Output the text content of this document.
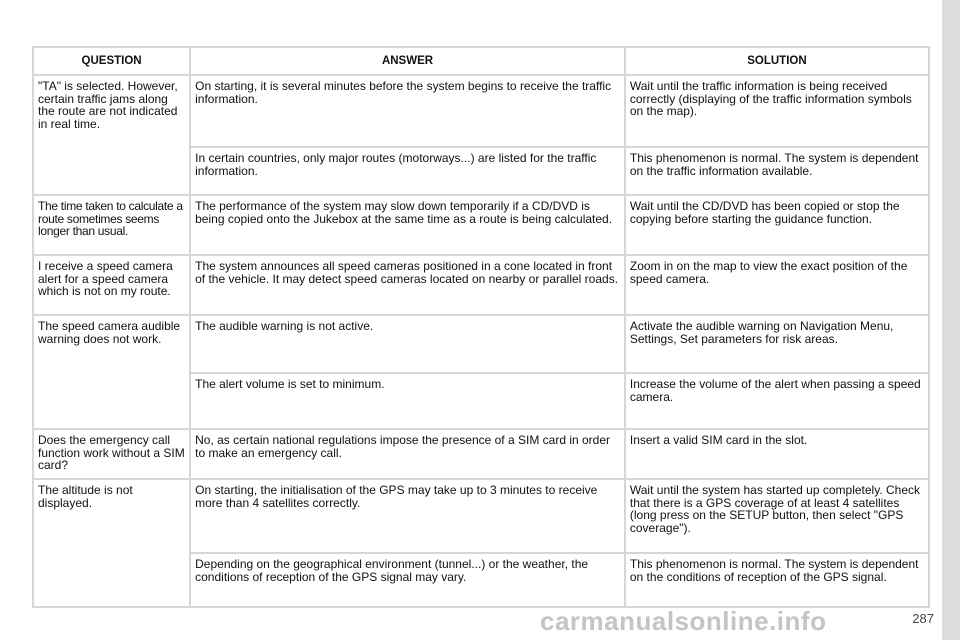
QUESTION	ANSWER	SOLUTION
"TA" is selected. However, certain traffic jams along the route are not indicated in real time.	On starting, it is several minutes before the system begins to receive the traffic information.	Wait until the traffic information is being received correctly (displaying of the traffic information symbols on the map).
	In certain countries, only major routes (motorways...) are listed for the traffic information.	This phenomenon is normal. The system is dependent on the traffic information available.
The time taken to calculate a route sometimes seems longer than usual.	The performance of the system may slow down temporarily if a CD/DVD is being copied onto the Jukebox at the same time as a route is being calculated.	Wait until the CD/DVD has been copied or stop the copying before starting the guidance function.
I receive a speed camera alert for a speed camera which is not on my route.	The system announces all speed cameras positioned in a cone located in front of the vehicle. It may detect speed cameras located on nearby or parallel roads.	Zoom in on the map to view the exact position of the speed camera.
The speed camera audible warning does not work.	The audible warning is not active.	Activate the audible warning on Navigation Menu, Settings, Set parameters for risk areas.
	The alert volume is set to minimum.	Increase the volume of the alert when passing a speed camera.
Does the emergency call function work without a SIM card?	No, as certain national regulations impose the presence of a SIM card in order to make an emergency call.	Insert a valid SIM card in the slot.
The altitude is not displayed.	On starting, the initialisation of the GPS may take up to 3 minutes to receive more than 4 satellites correctly.	Wait until the system has started up completely. Check that there is a GPS coverage of at least 4 satellites (long press on the SETUP button, then select "GPS coverage").
	Depending on the geographical environment (tunnel...) or the weather, the conditions of reception of the GPS signal may vary.	This phenomenon is normal. The system is dependent on the conditions of reception of the GPS signal.
carmanualsonline.info	287
